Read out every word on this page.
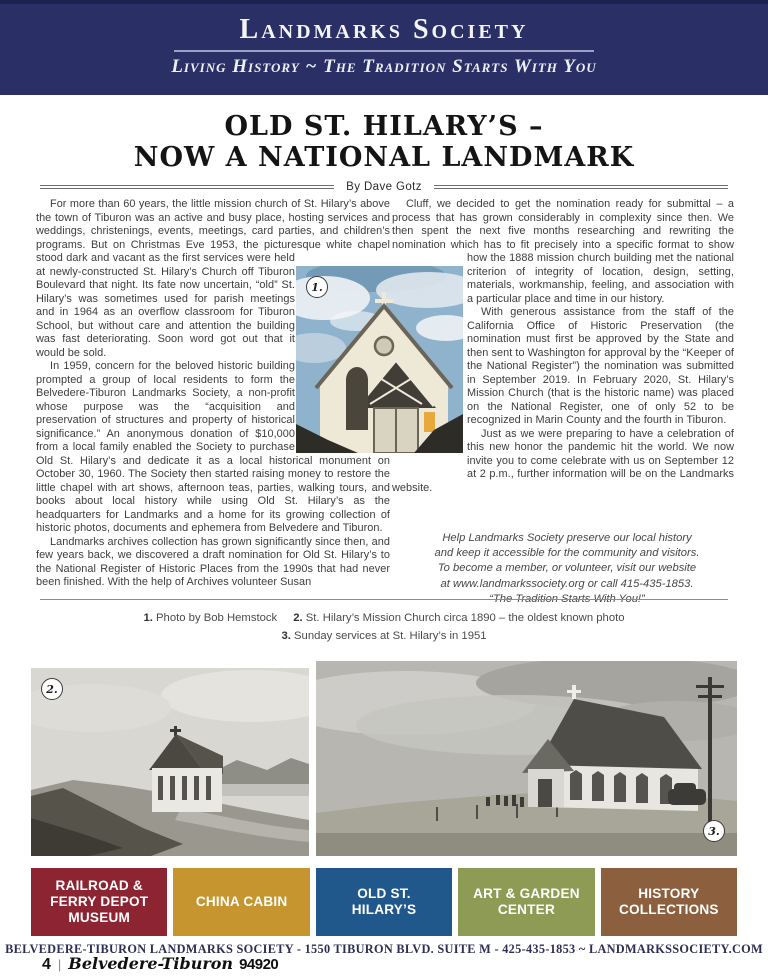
Landmarks Society
Living History ~ The Tradition Starts With You
OLD ST. HILARY’S –
NOW A NATIONAL LANDMARK
By Dave Gotz

For more than 60 years, the little mission church of St. Hilary’s above the town of Tiburon was an active and busy place, hosting services and weddings, christenings, events, meetings, card parties, and children’s programs. But on Christmas Eve 1953, the picturesque white chapel stood dark and vacant as the first services were held at newly-constructed St. Hilary’s Church off Tiburon Boulevard that night. Its fate now uncertain, “old” St. Hilary’s was sometimes used for parish meetings and in 1964 as an overflow classroom for Tiburon School, but without care and attention the building was fast deteriorating. Soon word got out that it would be sold.

In 1959, concern for the beloved historic building prompted a group of local residents to form the Belvedere-Tiburon Landmarks Society, a non-profit whose purpose was the “acquisition and preservation of structures and property of historical significance.” An anonymous donation of $10,000 from a local family enabled the Society to purchase Old St. Hilary’s and dedicate it as a local historical monument on October 30, 1960. The Society then started raising money to restore the little chapel with art shows, afternoon teas, parties, walking tours, and books about local history while using Old St. Hilary’s as the headquarters for Landmarks and a home for its growing collection of historic photos, documents and ephemera from Belvedere and Tiburon.

Landmarks archives collection has grown significantly since then, and few years back, we discovered a draft nomination for Old St. Hilary’s to the National Register of Historic Places from the 1990s that had never been finished. With the help of Archives volunteer Susan

Cluff, we decided to get the nomination ready for submittal – a process that has grown considerably in complexity since then. We then spent the next five months researching and rewriting the nomination which has to fit precisely into a specific format to show how the 1888 mission church building met the national criterion of integrity of location, design, setting, materials, workmanship, feeling, and association with a particular place and time in our history.

With generous assistance from the staff of the California Office of Historic Preservation (the nomination must first be approved by the State and then sent to Washington for approval by the “Keeper of the National Register”) the nomination was submitted in September 2019. In February 2020, St. Hilary’s Mission Church (that is the historic name) was placed on the National Register, one of only 52 to be recognized in Marin County and the fourth in Tiburon.

Just as we were preparing to have a celebration of this new honor the pandemic hit the world. We now invite you to come celebrate with us on September 12 at 2 p.m., further information will be on the Landmarks website.

1.
Help Landmarks Society preserve our local history
and keep it accessible for the community and visitors.
To become a member, or volunteer, visit our website
at www.landmarkssociety.org or call 415-435-1853.
“The Tradition Starts With You!”
1. Photo by Bob Hemstock 2. St. Hilary’s Mission Church circa 1890 – the oldest known photo
3. Sunday services at St. Hilary’s in 1951
2.
3.
RAILROAD & FERRY DEPOT MUSEUM
CHINA CABIN
OLD ST. HILARY’S
ART & GARDEN CENTER
HISTORY COLLECTIONS
BELVEDERE-TIBURON LANDMARKS SOCIETY - 1550 TIBURON BLVD. SUITE M - 425-435-1853 ~ LANDMARKSSOCIETY.COM
4 | Belvedere-Tiburon 94920
